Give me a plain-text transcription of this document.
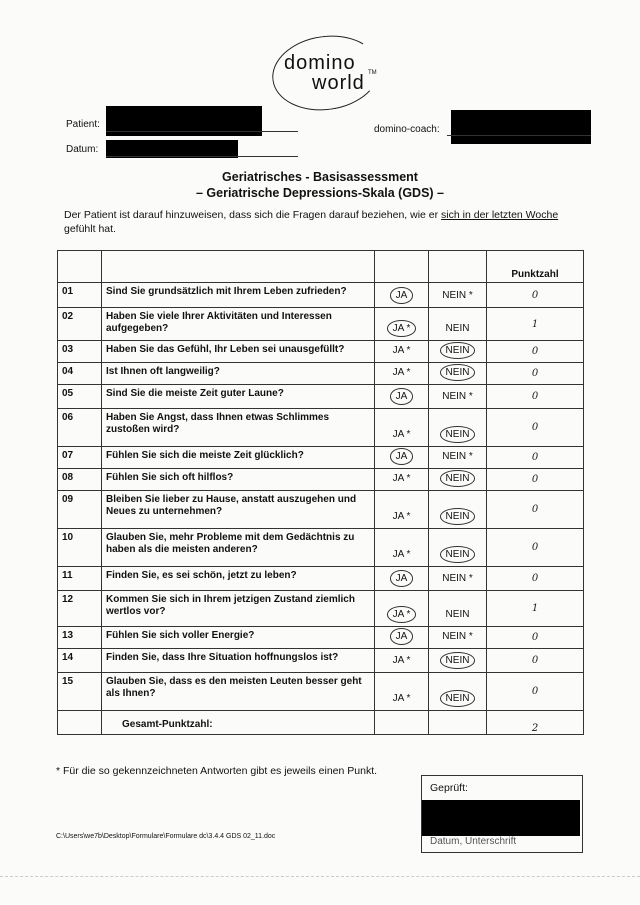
domino
world TM
Patient:
Datum:
domino-coach:
Geriatrisches - Basisassessment
– Geriatrische Depressions-Skala (GDS) –
Der Patient ist darauf hinzuweisen, dass sich die Fragen darauf beziehen, wie er sich in der letzten Woche gefühlt hat.
				Punktzahl
01	Sind Sie grundsätzlich mit Ihrem Leben zufrieden?	JA	NEIN *	0
02	Haben Sie viele Ihrer Aktivitäten und Interessen aufgegeben?	JA *	NEIN	1
03	Haben Sie das Gefühl, Ihr Leben sei unausgefüllt?	JA *	NEIN	0
04	Ist Ihnen oft langweilig?	JA *	NEIN	0
05	Sind Sie die meiste Zeit guter Laune?	JA	NEIN *	0
06	Haben Sie Angst, dass Ihnen etwas Schlimmes zustoßen wird?	JA *	NEIN	0
07	Fühlen Sie sich die meiste Zeit glücklich?	JA	NEIN *	0
08	Fühlen Sie sich oft hilflos?	JA *	NEIN	0
09	Bleiben Sie lieber zu Hause, anstatt auszugehen und Neues zu unternehmen?	JA *	NEIN	0
10	Glauben Sie, mehr Probleme mit dem Gedächtnis zu haben als die meisten anderen?	JA *	NEIN	0
11	Finden Sie, es sei schön, jetzt zu leben?	JA	NEIN *	0
12	Kommen Sie sich in Ihrem jetzigen Zustand ziemlich wertlos vor?	JA *	NEIN	1
13	Fühlen Sie sich voller Energie?	JA	NEIN *	0
14	Finden Sie, dass Ihre Situation hoffnungslos ist?	JA *	NEIN	0
15	Glauben Sie, dass es den meisten Leuten besser geht als Ihnen?	JA *	NEIN	0
	Gesamt-Punktzahl:			2
* Für die so gekennzeichneten Antworten gibt es jeweils einen Punkt.
Geprüft:
Datum, Unterschrift
C:\Users\we7b\Desktop\Formulare\Formulare dc\3.4.4 GDS 02_11.doc
